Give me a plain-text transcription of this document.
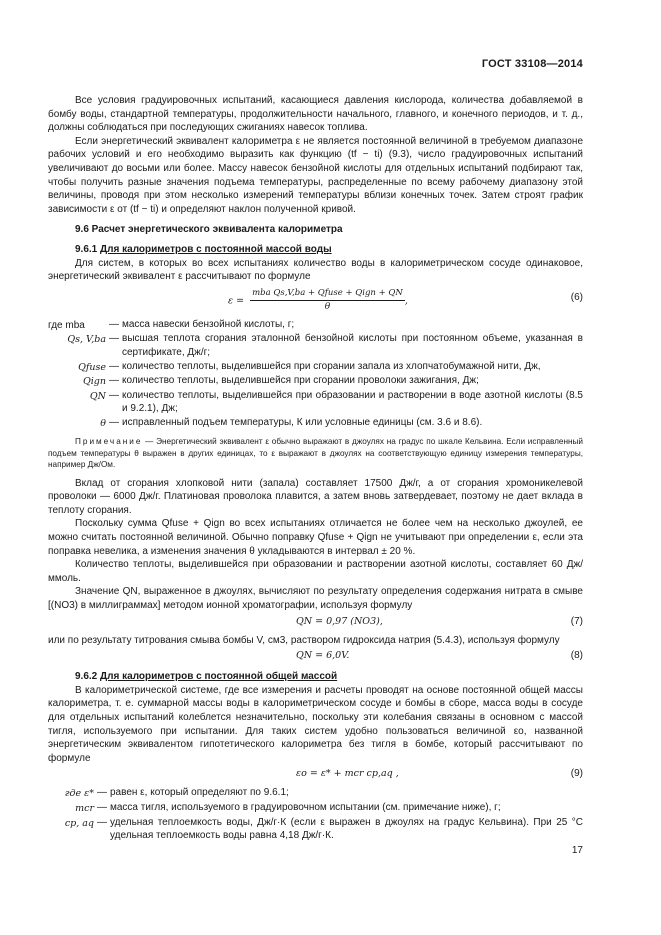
ГОСТ 33108—2014

Все условия градуировочных испытаний, касающиеся давления кислорода, количества добавляемой в бомбу воды, стандартной температуры, продолжительности начального, главного, и конечного периодов, и т. д., должны соблюдаться при последующих сжиганиях навесок топлива.

Если энергетический эквивалент калориметра ε не является постоянной величиной в требуемом диапазоне рабочих условий и его необходимо выразить как функцию (tf − ti) (9.3), число градуировочных испытаний увеличивают до восьми или более. Массу навесок бензойной кислоты для отдельных испытаний подбирают так, чтобы получить разные значения подъема температуры, распределенные по всему рабочему диапазону этой величины, проводя при этом несколько измерений температуры вблизи конечных точек. Затем строят график зависимости ε от (tf − ti) и определяют наклон полученной кривой.

9.6 Расчет энергетического эквивалента калориметра

9.6.1 Для калориметров с постоянной массой воды

Для систем, в которых во всех испытаниях количество воды в калориметрическом сосуде одинаковое, энергетический эквивалент ε рассчитывают по формуле

$\varepsilon = \frac{\text{mba Qs,V,ba + Qfuse + Qign + QN}}{\theta}$ ,	(6)
где mba	— масса навески бензойной кислоты, г;
Qs, V,ba — высшая теплота сгорания эталонной бензойной кислоты при постоянном объеме, указанная в сертификате, Дж/г;
Qfuse — количество теплоты, выделившейся при сгорании запала из хлопчатобумажной нити, Дж,
Qign — количество теплоты, выделившейся при сгорании проволоки зажигания, Дж;
QN — количество теплоты, выделившейся при образовании и растворении в воде азотной кислоты (8.5 и 9.2.1), Дж;
θ — исправленный подъем температуры, К или условные единицы (см. 3.6 и 8.6).

Примечание — Энергетический эквивалент ε обычно выражают в джоулях на градус по шкале Кельвина. Если исправленный подъем температуры θ выражен в других единицах, то ε выражают в джоулях на соответствующую единицу измерения температуры, например Дж/Ом.

Вклад от сгорания хлопковой нити (запала) составляет 17500 Дж/г, а от сгорания хромоникелевой проволоки — 6000 Дж/г. Платиновая проволока плавится, а затем вновь затвердевает, поэтому не дает вклада в теплоту сгорания.

Поскольку сумма Qfuse + Qign во всех испытаниях отличается не более чем на несколько джоулей, ее можно считать постоянной величиной. Обычно поправку Qfuse + Qign не учитывают при определении ε, если эта поправка невелика, а изменения значения θ укладываются в интервал ± 20 %.

Количество теплоты, выделившейся при образовании и растворении азотной кислоты, составляет 60 Дж/ммоль.

Значение QN, выраженное в джоулях, вычисляют по результату определения содержания нитрата в смыве [(NO3) в миллиграммах] методом ионной хроматографии, используя формулу

QN = 0,97 (NO3),	(7)

или по результату титрования смыва бомбы V, см3, раствором гидроксида натрия (5.4.3), используя формулу

QN = 6,0V.	(8)

9.6.2 Для калориметров с постоянной общей массой

В калориметрической системе, где все измерения и расчеты проводят на основе постоянной общей массы калориметра, т. е. суммарной массы воды в калориметрическом сосуде и бомбы в сборе, масса воды в сосуде для отдельных испытаний колеблется незначительно, поскольку эти колебания связаны в основном с массой тигля, используемого при испытании. Для таких систем удобно пользоваться величиной εo, названной энергетическим эквивалентом гипотетического калориметра без тигля в бомбе, который рассчитывают по формуле

εo = ε* + mcr cp,aq ,	(9)
где ε* — равен ε, который определяют по 9.6.1;
mcr — масса тигля, используемого в градуировочном испытании (см. примечание ниже), г;
cp, aq — удельная теплоемкость воды, Дж/г·К (если ε выражен в джоулях на градус Кельвина). При 25 °С удельная теплоемкость воды равна 4,18 Дж/г·К.
17
